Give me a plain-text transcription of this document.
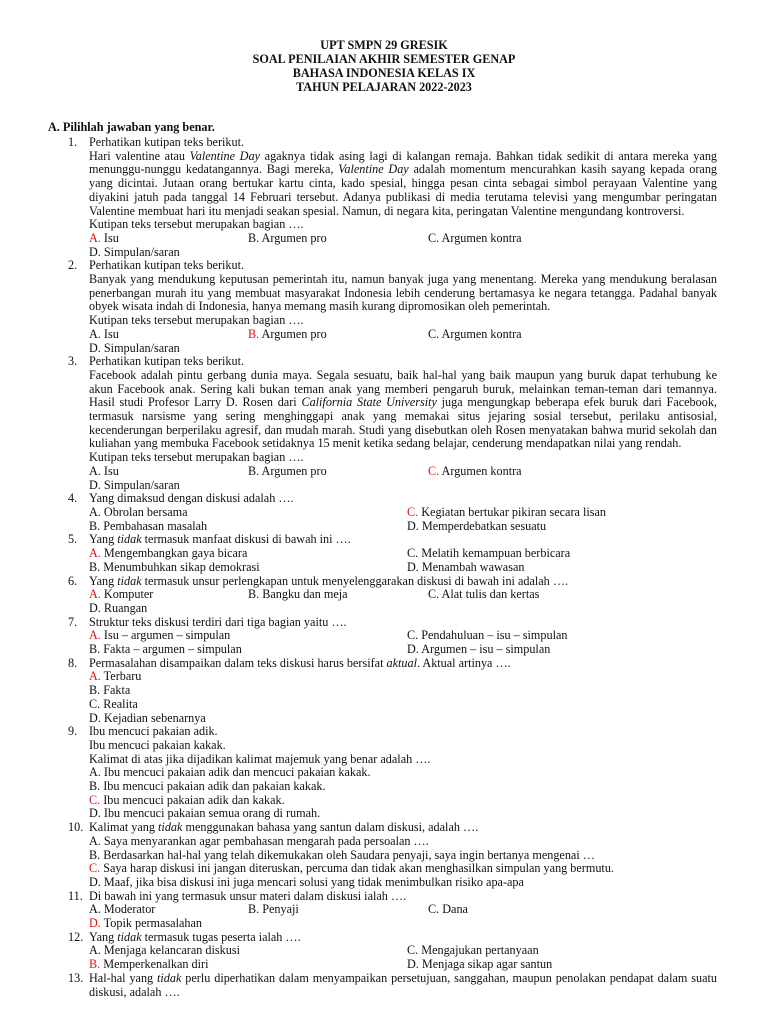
UPT SMPN 29 GRESIK
SOAL PENILAIAN AKHIR SEMESTER GENAP
BAHASA INDONESIA KELAS IX
TAHUN PELAJARAN 2022-2023
A. Pilihlah jawaban yang benar.
1. Perhatikan kutipan teks berikut.
Hari valentine atau Valentine Day agaknya tidak asing lagi di kalangan remaja. Bahkan tidak sedikit di antara mereka yang menunggu-nunggu kedatangannya. Bagi mereka, Valentine Day adalah momentum mencurahkan kasih sayang kepada orang yang dicintai. Jutaan orang bertukar kartu cinta, kado spesial, hingga pesan cinta sebagai simbol perayaan Valentine yang diyakini jatuh pada tanggal 14 Februari tersebut. Adanya publikasi di media terutama televisi yang mengumbar peringatan Valentine membuat hari itu menjadi seakan spesial. Namun, di negara kita, peringatan Valentine mengundang kontroversi.
Kutipan teks tersebut merupakan bagian ….
A. Isu	B. Argumen pro	C. Argumen kontra
D. Simpulan/saran
2. Perhatikan kutipan teks berikut.
Banyak yang mendukung keputusan pemerintah itu, namun banyak juga yang menentang. Mereka yang mendukung beralasan penerbangan murah itu yang membuat masyarakat Indonesia lebih cenderung bertamasya ke negara tetangga. Padahal banyak obyek wisata indah di Indonesia, hanya memang masih kurang dipromosikan oleh pemerintah.
Kutipan teks tersebut merupakan bagian ….
A. Isu	B. Argumen pro	C. Argumen kontra
D. Simpulan/saran
3. Perhatikan kutipan teks berikut.
Facebook adalah pintu gerbang dunia maya. Segala sesuatu, baik hal-hal yang baik maupun yang buruk dapat terhubung ke akun Facebook anak. Sering kali bukan teman anak yang memberi pengaruh buruk, melainkan teman-teman dari temannya. Hasil studi Profesor Larry D. Rosen dari California State University juga mengungkap beberapa efek buruk dari Facebook, termasuk narsisme yang sering menghinggapi anak yang memakai situs jejaring sosial tersebut, perilaku antisosial, kecenderungan berperilaku agresif, dan mudah marah. Studi yang disebutkan oleh Rosen menyatakan bahwa murid sekolah dan kuliahan yang membuka Facebook setidaknya 15 menit ketika sedang belajar, cenderung mendapatkan nilai yang rendah.
Kutipan teks tersebut merupakan bagian ….
A. Isu	B. Argumen pro	C. Argumen kontra
D. Simpulan/saran
4. Yang dimaksud dengan diskusi adalah ….
A. Obrolan bersama	C. Kegiatan bertukar pikiran secara lisan
B. Pembahasan masalah	D. Memperdebatkan sesuatu
5. Yang tidak termasuk manfaat diskusi di bawah ini ….
A. Mengembangkan gaya bicara	C. Melatih kemampuan berbicara
B. Menumbuhkan sikap demokrasi	D. Menambah wawasan
6. Yang tidak termasuk unsur perlengkapan untuk menyelenggarakan diskusi di bawah ini adalah ….
A. Komputer	B. Bangku dan meja	C. Alat tulis dan kertas
D. Ruangan
7. Struktur teks diskusi terdiri dari tiga bagian yaitu ….
A. Isu – argumen – simpulan	C. Pendahuluan – isu – simpulan
B. Fakta – argumen – simpulan	D. Argumen – isu – simpulan
8. Permasalahan disampaikan dalam teks diskusi harus bersifat aktual. Aktual artinya ….
A. Terbaru
B. Fakta
C. Realita
D. Kejadian sebenarnya
9. Ibu mencuci pakaian adik.
Ibu mencuci pakaian kakak.
Kalimat di atas jika dijadikan kalimat majemuk yang benar adalah ….
A. Ibu mencuci pakaian adik dan mencuci pakaian kakak.
B. Ibu mencuci pakaian adik dan pakaian kakak.
C. Ibu mencuci pakaian adik dan kakak.
D. Ibu mencuci pakaian semua orang di rumah.
10. Kalimat yang tidak menggunakan bahasa yang santun dalam diskusi, adalah ….
A. Saya menyarankan agar pembahasan mengarah pada persoalan ….
B. Berdasarkan hal-hal yang telah dikemukakan oleh Saudara penyaji, saya ingin bertanya mengenai …
C. Saya harap diskusi ini jangan diteruskan, percuma dan tidak akan menghasilkan simpulan yang bermutu.
D. Maaf, jika bisa diskusi ini juga mencari solusi yang tidak menimbulkan risiko apa-apa
11. Di bawah ini yang termasuk unsur materi dalam diskusi ialah ….
A. Moderator	B. Penyaji	C. Dana
D. Topik permasalahan
12. Yang tidak termasuk tugas peserta ialah ….
A. Menjaga kelancaran diskusi	C. Mengajukan pertanyaan
B. Memperkenalkan diri	D. Menjaga sikap agar santun
13. Hal-hal yang tidak perlu diperhatikan dalam menyampaikan persetujuan, sanggahan, maupun penolakan pendapat dalam suatu diskusi, adalah ….
